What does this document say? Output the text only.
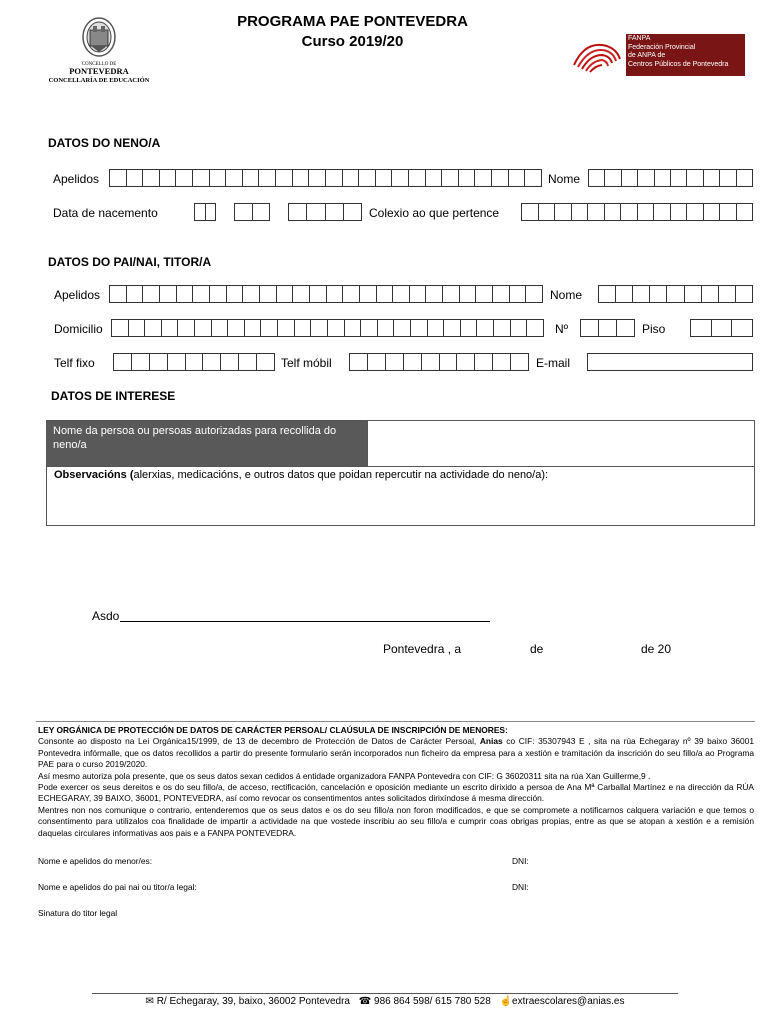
CONCELLO DE
PONTEVEDRA
CONCELLARÍA DE EDUCACIÓN
PROGRAMA PAE PONTEVEDRA
Curso 2019/20	FANPA
Federación Provincial
de ANPA de
Centros Públicos de Pontevedra
DATOS DO NENO/A
Apelidos	Nome
Data de nacemento	Colexio ao que pertence
DATOS DO PAI/NAI, TITOR/A
Apelidos	Nome
Domicilio	Nº	Piso
Telf fixo	Telf móbil	E-mail
DATOS DE INTERESE
Nome da persoa ou persoas autorizadas para recollida do neno/a
Observacións (alerxias, medicacións, e outros datos que poidan repercutir na actividade do neno/a):
Asdo
Pontevedra , a	de	de 20
LEY ORGÁNICA DE PROTECCIÓN DE DATOS DE CARÁCTER PERSOAL/ CLAÚSULA DE INSCRIPCIÓN DE MENORES:
Consonte ao disposto na Lei Orgánica15/1999, de 13 de decembro de Protección de Datos de Carácter Persoal, Anias co CIF: 35307943 E , sita na rúa Echegaray nº 39 baixo 36001 Pontevedra infórmalle, que os datos recollidos a partir do presente formulario serán incorporados nun ficheiro da empresa para a xestión e tramitación da inscrición do seu fillo/a ao Programa PAE para o curso 2019/2020.
Así mesmo autoriza pola presente, que os seus datos sexan cedidos á entidade organizadora FANPA Pontevedra con CIF: G 36020311 sita na rúa Xan Guillerme,9 .
Pode exercer os seus dereitos e os do seu fillo/a, de acceso, rectificación, cancelación e oposición mediante un escrito dirixido a persoa de Ana Mª Carballal Martínez e na dirección da RÚA ECHEGARAY, 39 BAIXO, 36001, PONTEVEDRA, así como revocar os consentimentos antes solicitados dirixíndose á mesma dirección.
Mentres non nos comunique o contrario, entenderemos que os seus datos e os do seu fillo/a non foron modificados, e que se compromete a notificarnos calquera variación e que temos o consentimento para utilizalos coa finalidade de impartir a actividade na que vostede inscribiu ao seu fillo/a e cumprir coas obrigas propias, entre as que se atopan a xestión e a remisión daquelas circulares informativas aos pais e a FANPA PONTEVEDRA.
Nome e apelidos do menor/es:	DNI:
Nome e apelidos do pai nai ou titor/a legal:	DNI:
Sinatura do titor legal
✉ R/ Echegaray, 39, baixo, 36002 Pontevedra ☎ 986 864 598/ 615 780 528 ☝extraescolares@anias.es
